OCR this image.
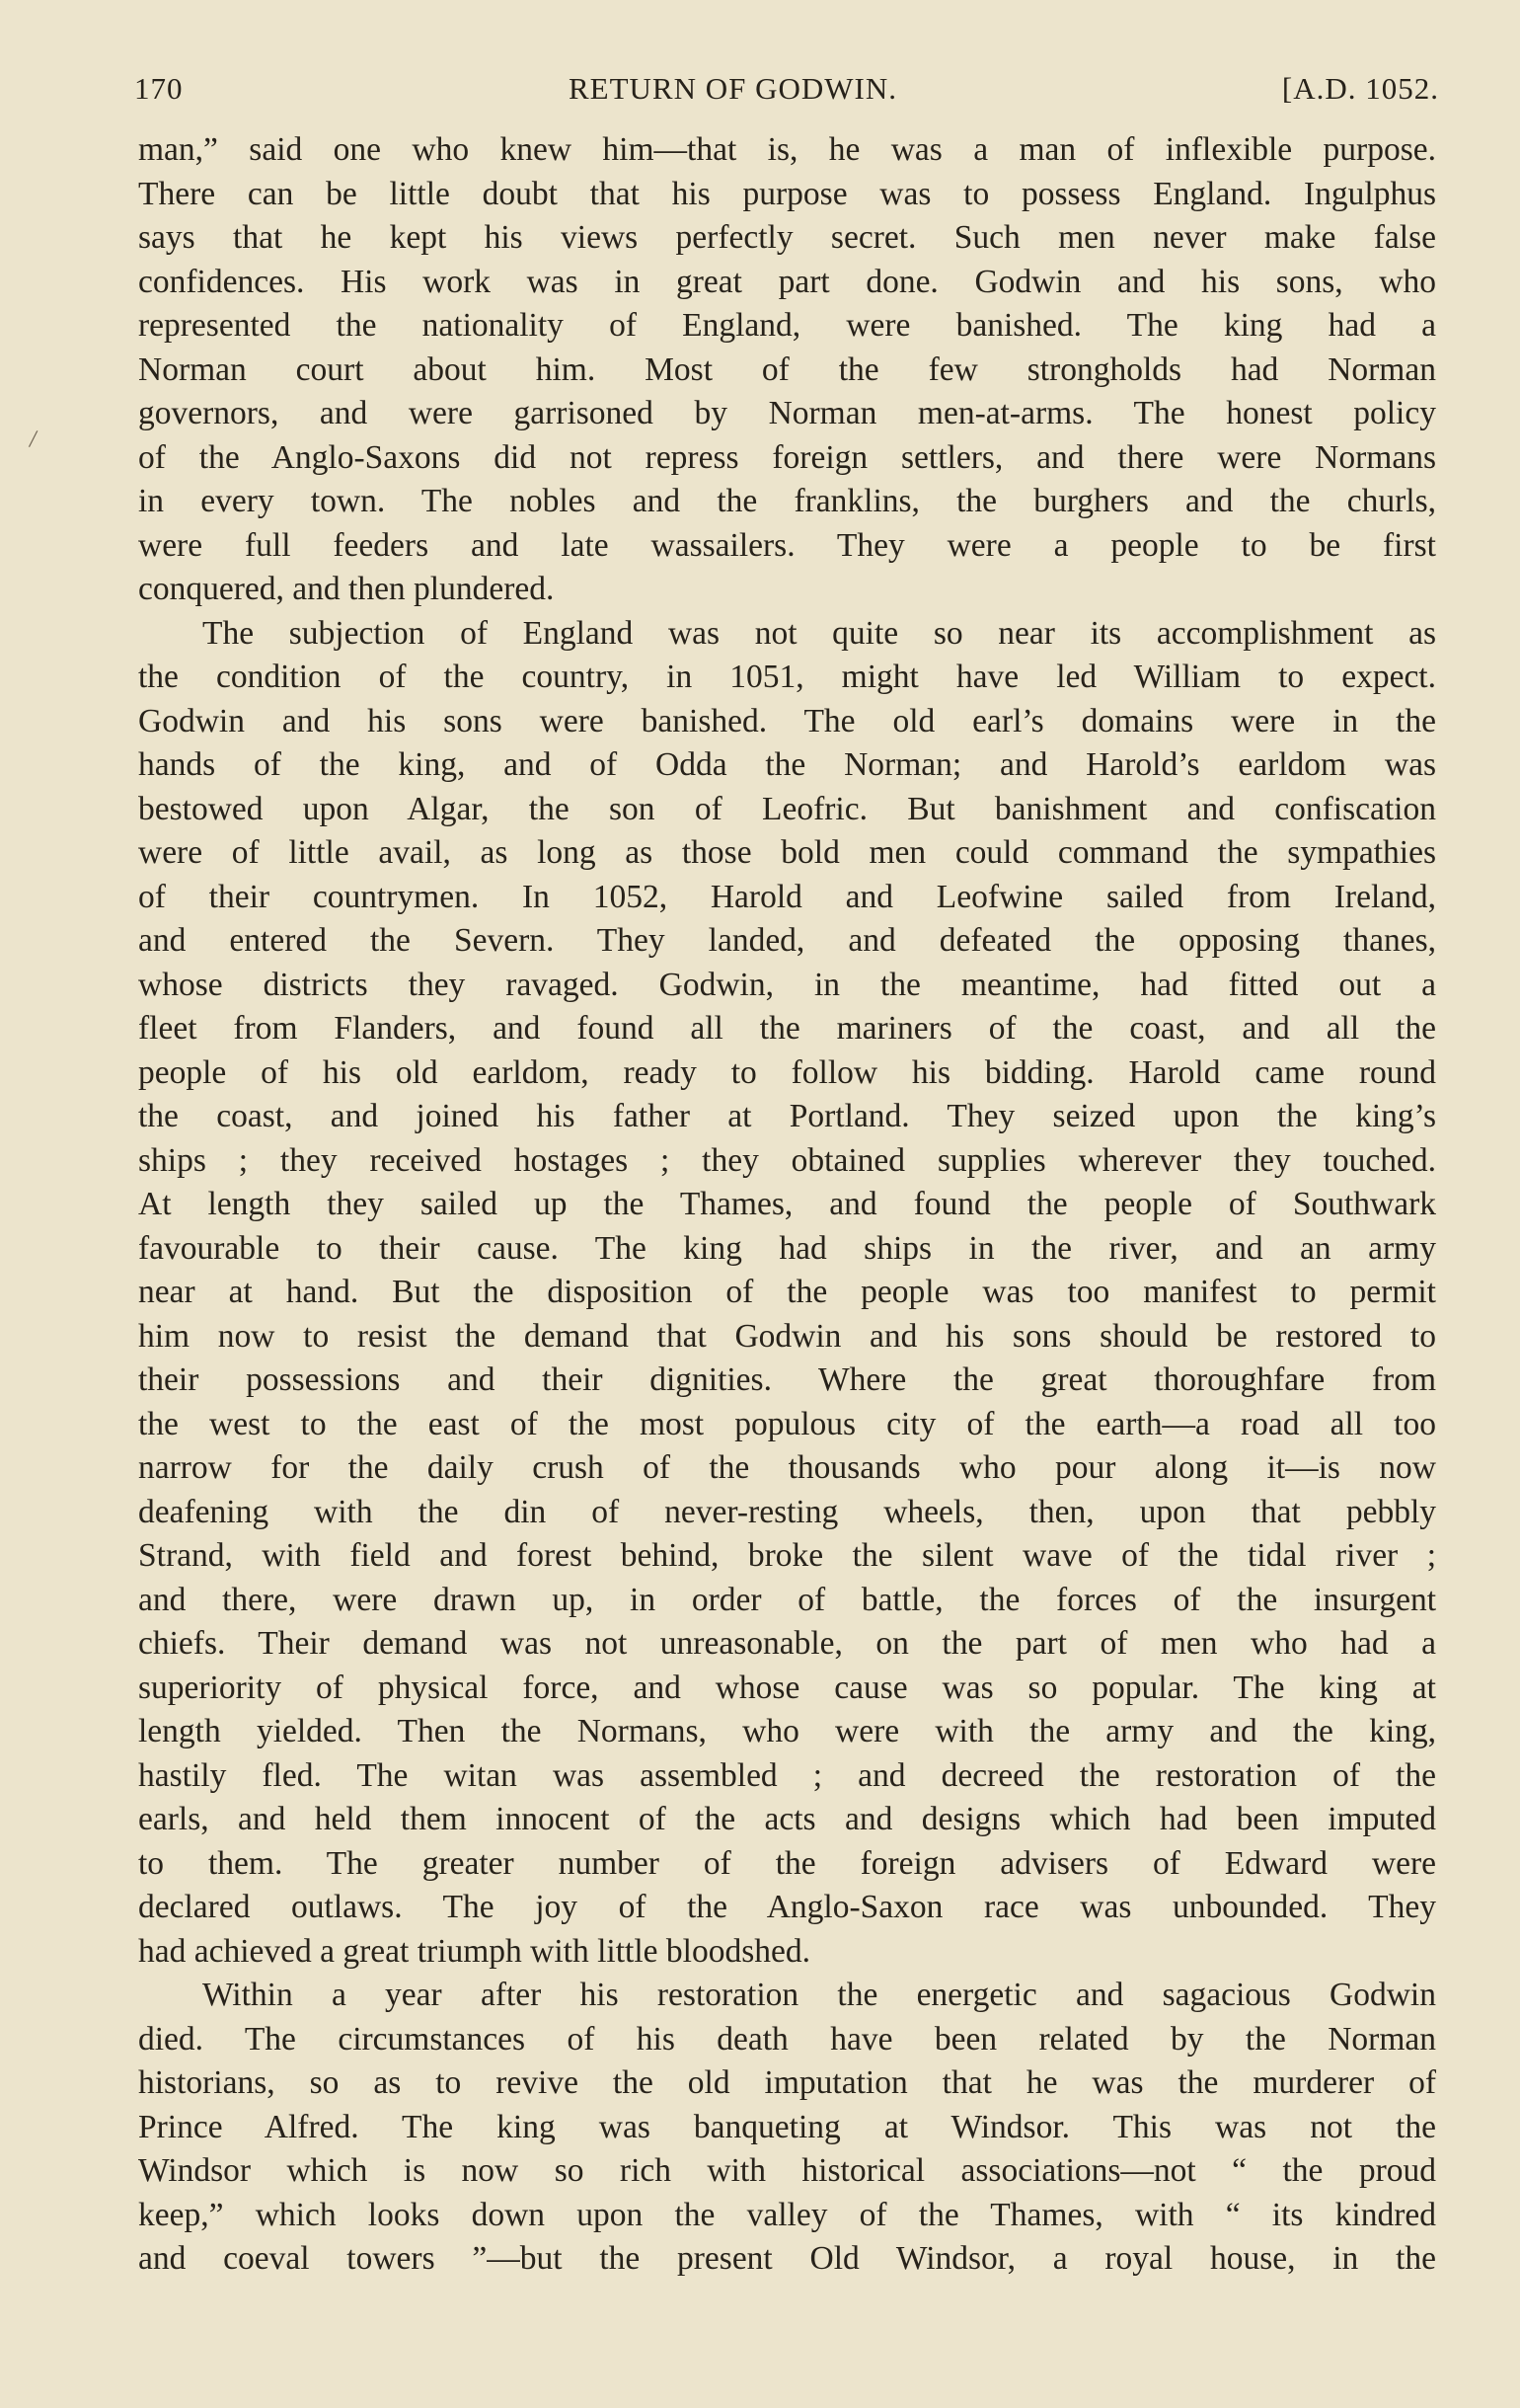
170	RETURN OF GODWIN.	[A.D. 1052.
/
man,” said one who knew him—that is, he was a man of inflexible purpose.
There can be little doubt that his purpose was to possess England. Ingulphus
says that he kept his views perfectly secret. Such men never make false
confidences. His work was in great part done. Godwin and his sons, who
represented the nationality of England, were banished. The king had a
Norman court about him. Most of the few strongholds had Norman
governors, and were garrisoned by Norman men-at-arms. The honest policy
of the Anglo-Saxons did not repress foreign settlers, and there were Normans
in every town. The nobles and the franklins, the burghers and the churls,
were full feeders and late wassailers. They were a people to be first
conquered, and then plundered.
The subjection of England was not quite so near its accomplishment as
the condition of the country, in 1051, might have led William to expect.
Godwin and his sons were banished. The old earl’s domains were in the
hands of the king, and of Odda the Norman; and Harold’s earldom was
bestowed upon Algar, the son of Leofric. But banishment and confiscation
were of little avail, as long as those bold men could command the sympathies
of their countrymen. In 1052, Harold and Leofwine sailed from Ireland,
and entered the Severn. They landed, and defeated the opposing thanes,
whose districts they ravaged. Godwin, in the meantime, had fitted out a
fleet from Flanders, and found all the mariners of the coast, and all the
people of his old earldom, ready to follow his bidding. Harold came round
the coast, and joined his father at Portland. They seized upon the king’s
ships ; they received hostages ; they obtained supplies wherever they touched.
At length they sailed up the Thames, and found the people of Southwark
favourable to their cause. The king had ships in the river, and an army
near at hand. But the disposition of the people was too manifest to permit
him now to resist the demand that Godwin and his sons should be restored to
their possessions and their dignities. Where the great thoroughfare from
the west to the east of the most populous city of the earth—a road all too
narrow for the daily crush of the thousands who pour along it—is now
deafening with the din of never-resting wheels, then, upon that pebbly
Strand, with field and forest behind, broke the silent wave of the tidal river ;
and there, were drawn up, in order of battle, the forces of the insurgent
chiefs. Their demand was not unreasonable, on the part of men who had a
superiority of physical force, and whose cause was so popular. The king at
length yielded. Then the Normans, who were with the army and the king,
hastily fled. The witan was assembled ; and decreed the restoration of the
earls, and held them innocent of the acts and designs which had been imputed
to them. The greater number of the foreign advisers of Edward were
declared outlaws. The joy of the Anglo-Saxon race was unbounded. They
had achieved a great triumph with little bloodshed.
Within a year after his restoration the energetic and sagacious Godwin
died. The circumstances of his death have been related by the Norman
historians, so as to revive the old imputation that he was the murderer of
Prince Alfred. The king was banqueting at Windsor. This was not the
Windsor which is now so rich with historical associations—not “ the proud
keep,” which looks down upon the valley of the Thames, with “ its kindred
and coeval towers ”—but the present Old Windsor, a royal house, in the
